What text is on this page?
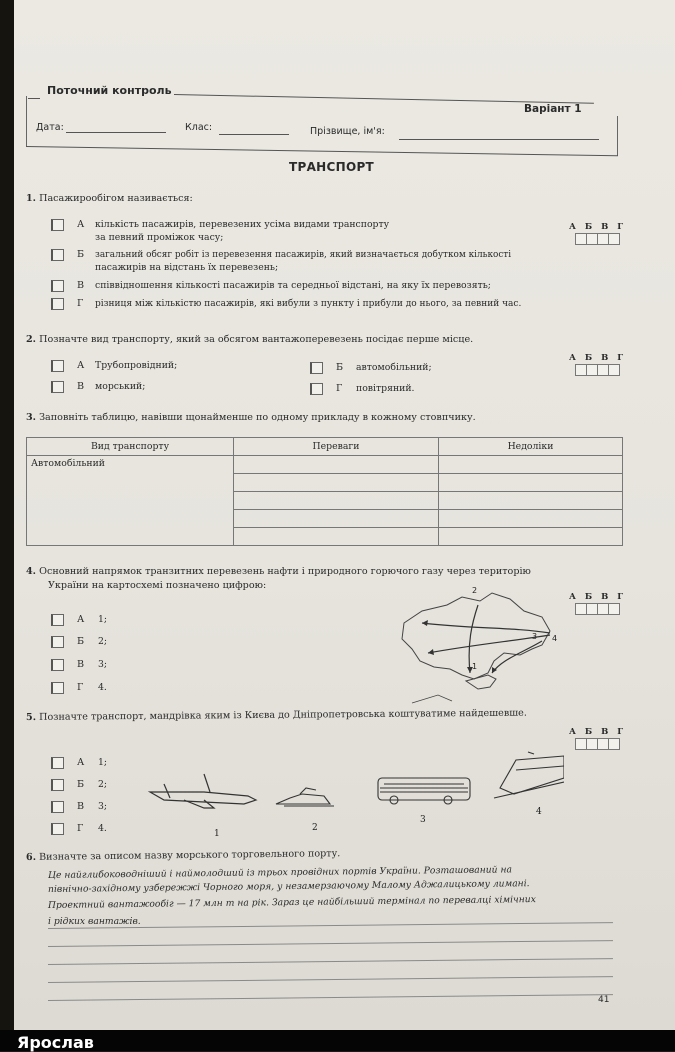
Поточний контроль
Варіант 1
Дата:	Клас:	Прізвище, ім'я:
ТРАНСПОРТ
1. Пасажирообігом називається:
А кількість пасажирів, перевезених усіма видами транспорту
за певний проміжок часу;
Б загальний обсяг робіт із перевезення пасажирів, який визначається добутком кількості
пасажирів на відстань їх перевезень;
В співвідношення кількості пасажирів та середньої відстані, на яку їх перевозять;
Г різниця між кількістю пасажирів, які вибули з пункту і прибули до нього, за певний час.
А Б В Г
2. Позначте вид транспорту, який за обсягом вантажоперевезень посідає перше місце.
А Трубопровідний;	Б автомобільний;
В морський;	Г повітряний.
А Б В Г
3. Заповніть таблицю, навівши щонайменше по одному прикладу в кожному стовпчику.
Вид транспорту	Переваги	Недоліки
Автомобільний		

4. Основний напрямок транзитних перевезень нафти і природного горючого газу через територію
України на картосхемі позначено цифрою:
А 1;
Б 2;
В 3;
Г 4.
А Б В Г
2
1
3 4
5. Позначте транспорт, мандрівка яким із Києва до Дніпропетровська коштуватиме найдешевше.
А Б В Г
А 1;
Б 2;
В 3;
Г 4.	1
2
3
4
6. Визначте за описом назву морського торговельного порту.
Це найглибоководніший і наймолодший із трьох провідних портів України. Розташований на
північно-західному узбережжі Чорного моря, у незамерзаючому Малому Аджалицькому лимані.
Проектний вантажообіг — 17 млн т на рік. Зараз це найбільший термінал по перевалці хімічних
і рідких вантажів.
41
Ярослав
